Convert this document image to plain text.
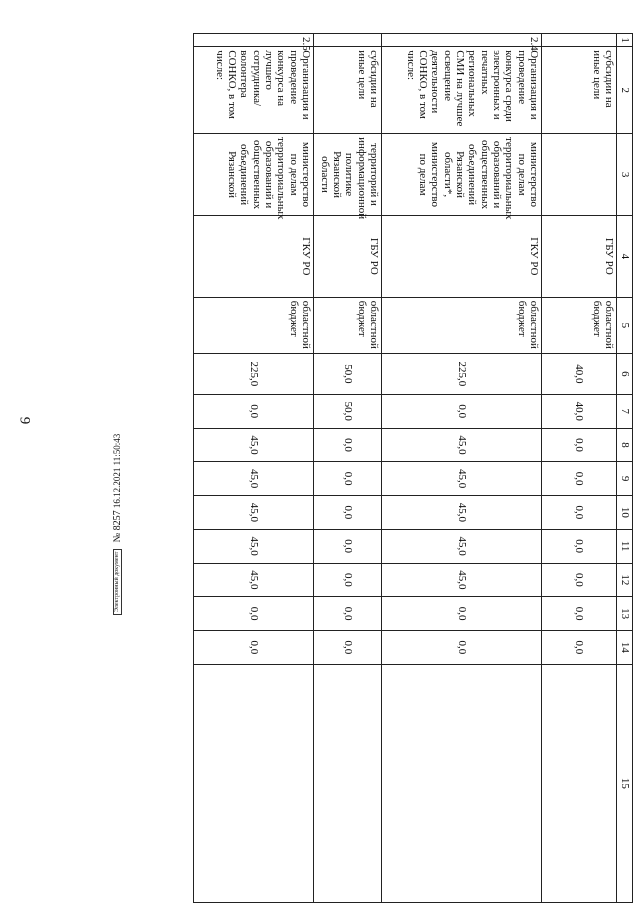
9
1	2	3	4	5	6	7	8	9	10	11	12	13	14	15
	субсидии на иные цели		ГБУ РО	областной бюджет	40,0	40,0	0,0	0,0	0,0	0,0	0,0	0,0	0,0	
2.4	Организация и проведение конкурса среди электронных и печатных региональных СМИ на лучшее освещение деятельности СОНКО, в том числе:	министерство по делам территориальных образований и общественных объединений Рязанской области*, министерство по делам	ГКУ РО	областной бюджет	225,0	0,0	45,0	45,0	45,0	45,0	45,0	0,0	0,0	
	субсидии на иные цели	территорий и информационной политике Рязанской области	ГБУ РО	областной бюджет	50,0	50,0	0,0	0,0	0,0	0,0	0,0	0,0	0,0	
2.5	Организация и проведение конкурса на лучшего сотрудника/волонтера СОНКО, в том числе:	министерство по делам территориальных образований и общественных объединений Рязанской	ГКУ РО	областной бюджет	225,0	0,0	45,0	45,0	45,0	45,0	45,0	0,0	0,0	
Электронный документ № 8257 16.12.2021 11:50:43
